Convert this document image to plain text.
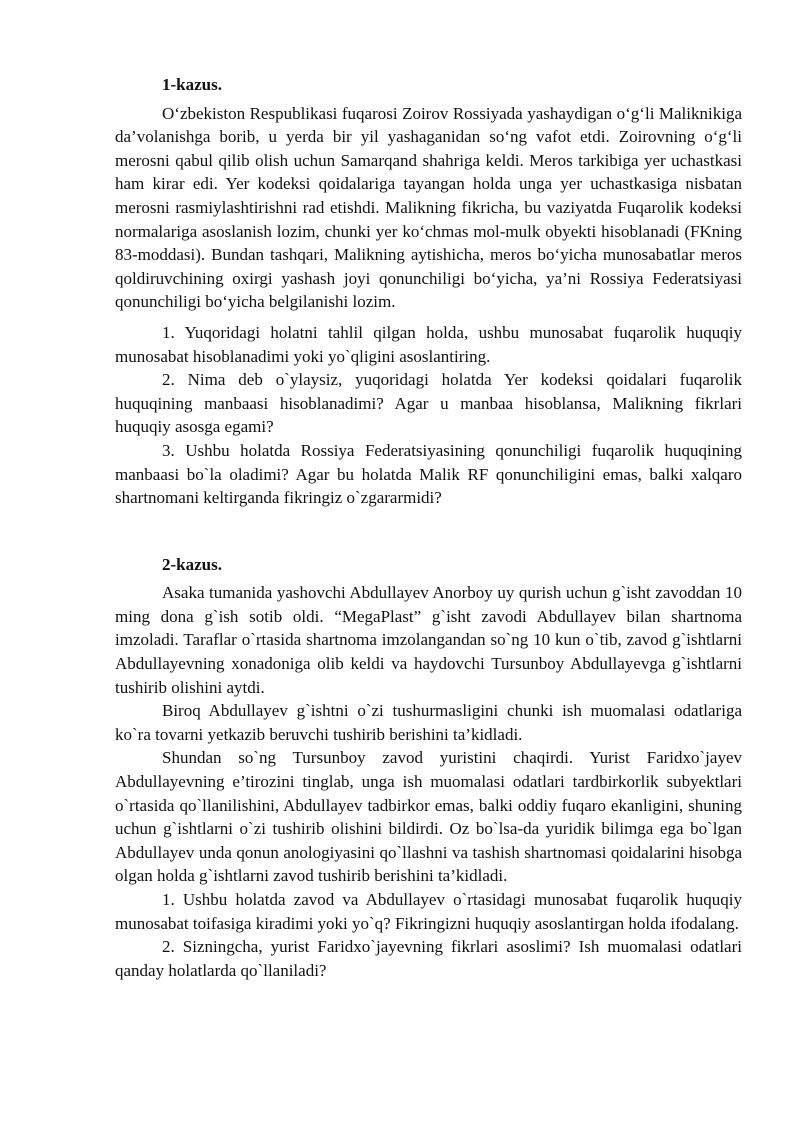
1-kazus.

O‘zbekiston Respublikasi fuqarosi Zoirov Rossiyada yashaydigan o‘g‘li Maliknikiga da’volanishga borib, u yerda bir yil yashaganidan so‘ng vafot etdi. Zoirovning o‘g‘li merosni qabul qilib olish uchun Samarqand shahriga keldi. Meros tarkibiga yer uchastkasi ham kirar edi. Yer kodeksi qoidalariga tayangan holda unga yer uchastkasiga nisbatan merosni rasmiylashtirishni rad etishdi. Malikning fikricha, bu vaziyatda Fuqarolik kodeksi normalariga asoslanish lozim, chunki yer ko‘chmas mol-mulk obyekti hisoblanadi (FKning 83-moddasi). Bundan tashqari, Malikning aytishicha, meros bo‘yicha munosabatlar meros qoldiruvchining oxirgi yashash joyi qonunchiligi bo‘yicha, ya’ni Rossiya Federatsiyasi qonunchiligi bo‘yicha belgilanishi lozim.

1. Yuqoridagi holatni tahlil qilgan holda, ushbu munosabat fuqarolik huquqiy munosabat hisoblanadimi yoki yo`qligini asoslantiring.

2. Nima deb o`ylaysiz, yuqoridagi holatda Yer kodeksi qoidalari fuqarolik huquqining manbaasi hisoblanadimi? Agar u manbaa hisoblansa, Malikning fikrlari huquqiy asosga egami?

3. Ushbu holatda Rossiya Federatsiyasining qonunchiligi fuqarolik huquqining manbaasi bo`la oladimi? Agar bu holatda Malik RF qonunchiligini emas, balki xalqaro shartnomani keltirganda fikringiz o`zgararmidi?

2-kazus.

Asaka tumanida yashovchi Abdullayev Anorboy uy qurish uchun g`isht zavoddan 10 ming dona g`ish sotib oldi. “MegaPlast” g`isht zavodi Abdullayev bilan shartnoma imzoladi. Taraflar o`rtasida shartnoma imzolangandan so`ng 10 kun o`tib, zavod g`ishtlarni Abdullayevning xonadoniga olib keldi va haydovchi Tursunboy Abdullayevga g`ishtlarni tushirib olishini aytdi.

Biroq Abdullayev g`ishtni o`zi tushurmasligini chunki ish muomalasi odatlariga ko`ra tovarni yetkazib beruvchi tushirib berishini ta’kidladi.

Shundan so`ng Tursunboy zavod yuristini chaqirdi. Yurist Faridxo`jayev Abdullayevning e’tirozini tinglab, unga ish muomalasi odatlari tardbirkorlik subyektlari o`rtasida qo`llanilishini, Abdullayev tadbirkor emas, balki oddiy fuqaro ekanligini, shuning uchun g`ishtlarni o`zi tushirib olishini bildirdi. Oz bo`lsa-da yuridik bilimga ega bo`lgan Abdullayev unda qonun anologiyasini qo`llashni va tashish shartnomasi qoidalarini hisobga olgan holda g`ishtlarni zavod tushirib berishini ta’kidladi.

1. Ushbu holatda zavod va Abdullayev o`rtasidagi munosabat fuqarolik huquqiy munosabat toifasiga kiradimi yoki yo`q? Fikringizni huquqiy asoslantirgan holda ifodalang.

2. Sizningcha, yurist Faridxo`jayevning fikrlari asoslimi? Ish muomalasi odatlari qanday holatlarda qo`llaniladi?
